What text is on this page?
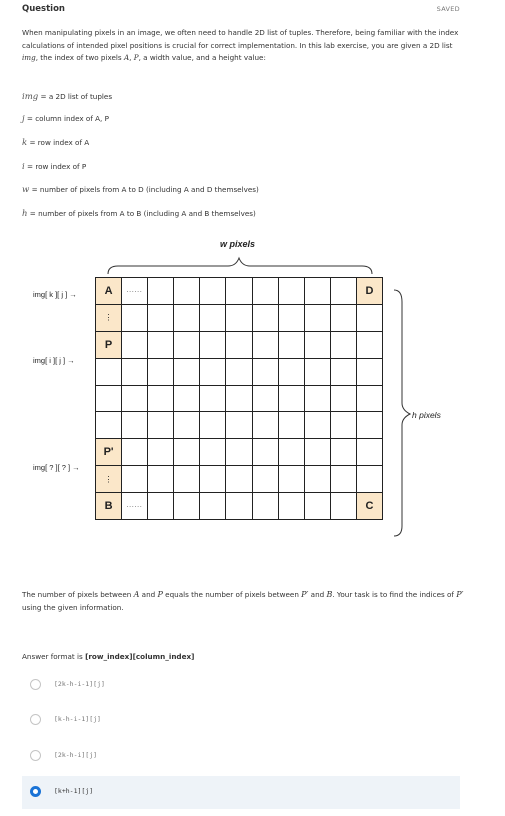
Question	SAVED
When manipulating pixels in an image, we often need to handle 2D list of tuples. Therefore, being familiar with the index calculations of intended pixel positions is crucial for correct implementation. In this lab exercise, you are given a 2D list img, the index of two pixels A, P, a width value, and a height value:
img = a 2D list of tuples
j = column index of A, P
k = row index of A
i = row index of P
w = number of pixels from A to D (including A and D themselves)
h = number of pixels from A to B (including A and B themselves)
w pixels
h pixels
img[ k ][ j ] →
img[ i ][ j ] →
img[ ? ][ ? ] →
A	......									D
⋮										
P										

P'										
⋮										
B	......									C
The number of pixels between A and P equals the number of pixels between P′ and B. Your task is to find the indices of P′ using the given information.
Answer format is [row_index][column_index]
[2k-h-i-1][j]
[k-h-i-1][j]
[2k-h-i][j]
[k+h-1][j]
